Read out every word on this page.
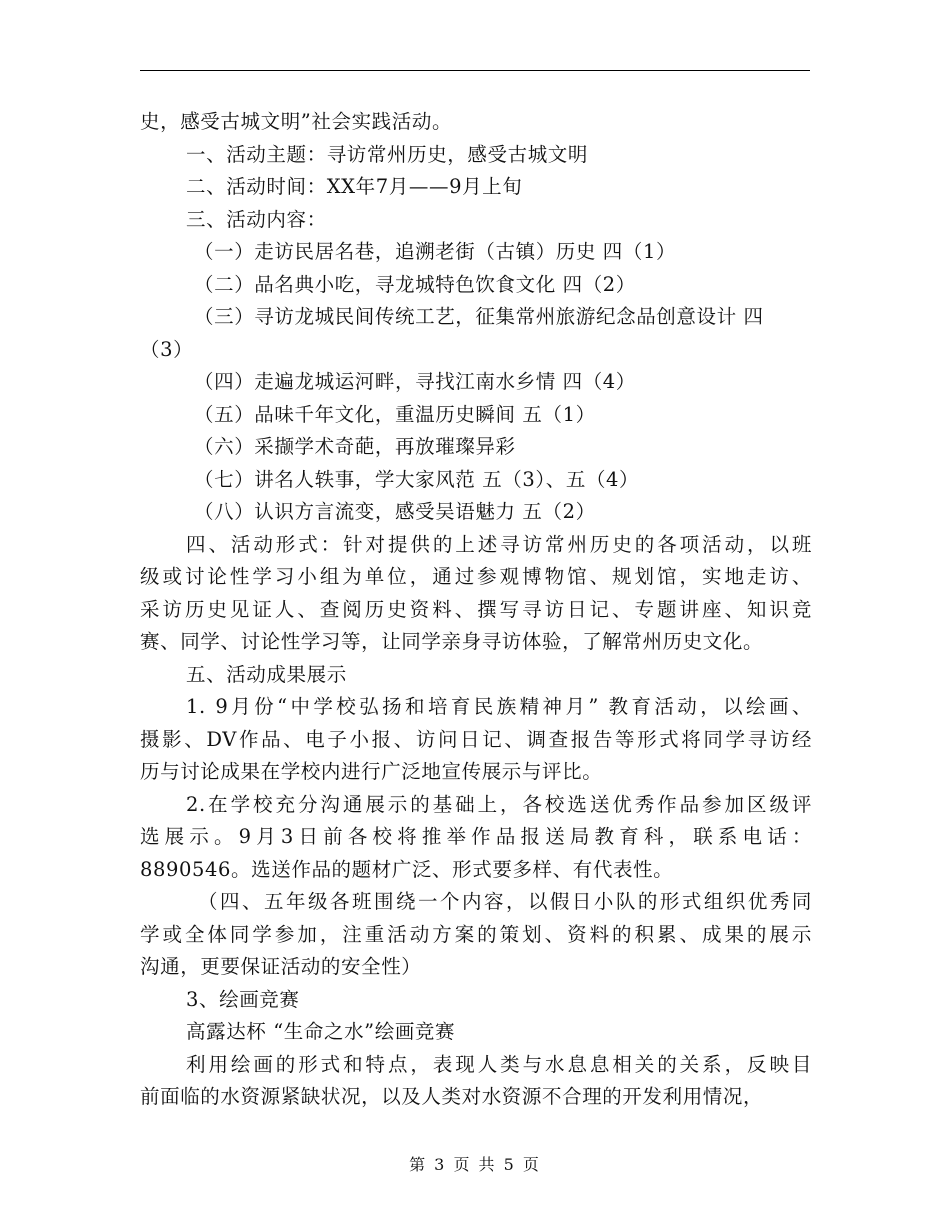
史，感受古城文明”社会实践活动。
一、活动主题：寻访常州历史，感受古城文明
二、活动时间：XX年7月——9月上旬
三、活动内容：
（一）走访民居名巷，追溯老街（古镇）历史 四（1）
（二）品名典小吃，寻龙城特色饮食文化 四（2）
（三）寻访龙城民间传统工艺，征集常州旅游纪念品创意设计 四
（3）
（四）走遍龙城运河畔，寻找江南水乡情 四（4）
（五）品味千年文化，重温历史瞬间 五（1）
（六）采撷学术奇葩，再放璀璨异彩
（七）讲名人轶事，学大家风范 五（3）、五（4）
（八）认识方言流变，感受吴语魅力 五（2）
四、活动形式：针对提供的上述寻访常州历史的各项活动，以班
级或讨论性学习小组为单位，通过参观博物馆、规划馆，实地走访、
采访历史见证人、查阅历史资料、撰写寻访日记、专题讲座、知识竞
赛、同学、讨论性学习等，让同学亲身寻访体验，了解常州历史文化。
五、活动成果展示
1. 9月份“中学校弘扬和培育民族精神月” 教育活动，以绘画、
摄影、DV作品、电子小报、访问日记、调查报告等形式将同学寻访经
历与讨论成果在学校内进行广泛地宣传展示与评比。
2.在学校充分沟通展示的基础上，各校选送优秀作品参加区级评
选展示。9月3日前各校将推举作品报送局教育科，联系电话：
8890546。选送作品的题材广泛、形式要多样、有代表性。
（四、五年级各班围绕一个内容，以假日小队的形式组织优秀同
学或全体同学参加，注重活动方案的策划、资料的积累、成果的展示
沟通，更要保证活动的安全性）
3、绘画竞赛
高露达杯 “生命之水”绘画竞赛
利用绘画的形式和特点，表现人类与水息息相关的关系，反映目
前面临的水资源紧缺状况，以及人类对水资源不合理的开发利用情况，
第 3 页 共 5 页
